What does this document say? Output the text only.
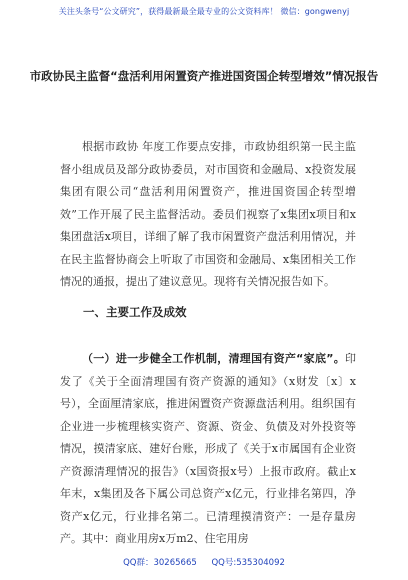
关注头条号“公文研究”，获得最新最全最专业的公文资料库！ 微信：gongwenyj
市政协民主监督“盘活利用闲置资产推进国资国企转型增效”情况报告

根据市政协 年度工作要点安排，市政协组织第一民主监督小组成员及部分政协委员，对市国资和金融局、x投资发展集团有限公司“盘活利用闲置资产，推进国资国企转型增效”工作开展了民主监督活动。委员们视察了x集团x项目和x集团盘活x项目，详细了解了我市闲置资产盘活利用情况，并在民主监督协商会上听取了市国资和金融局、x集团相关工作情况的通报，提出了建议意见。现将有关情况报告如下。

一、主要工作及成效

（一）进一步健全工作机制，清理国有资产“家底”。印发了《关于全面清理国有资产资源的通知》（x财发〔x〕x号），全面厘清家底，推进闲置资产资源盘活利用。组织国有企业进一步梳理核实资产、资源、资金、负债及对外投资等情况，摸清家底、建好台账，形成了《关于x市属国有企业资产资源清理情况的报告》（x国资报x号）上报市政府。截止x年末，x集团及各下属公司总资产x亿元，行业排名第四，净资产x亿元，行业排名第二。已清理摸清资产：一是存量房产。其中：商业用房x万m2、住宅用房

QQ群：30265665 QQ号:535304092
